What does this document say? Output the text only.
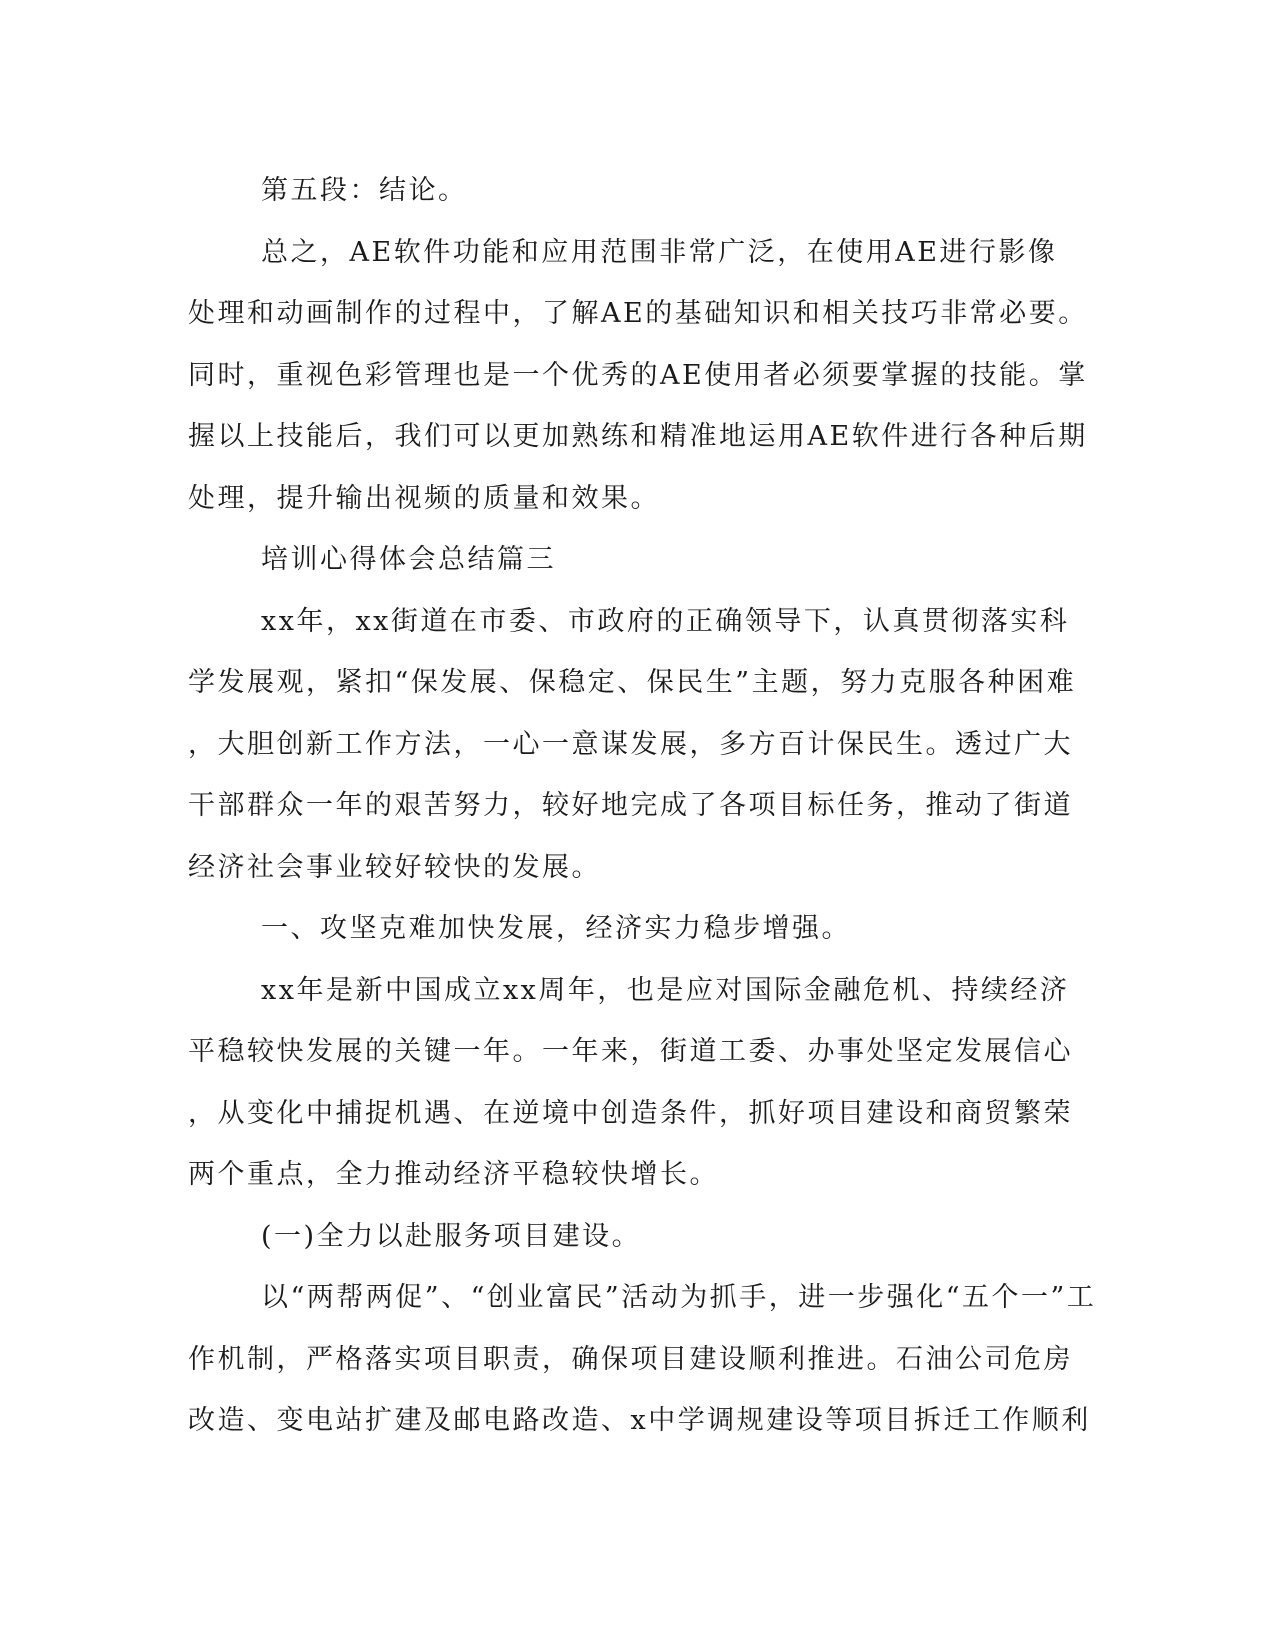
第五段：结论。
总之，AE软件功能和应用范围非常广泛，在使用AE进行影像
处理和动画制作的过程中，了解AE的基础知识和相关技巧非常必要。
同时，重视色彩管理也是一个优秀的AE使用者必须要掌握的技能。掌
握以上技能后，我们可以更加熟练和精准地运用AE软件进行各种后期
处理，提升输出视频的质量和效果。
培训心得体会总结篇三
xx年，xx街道在市委、市政府的正确领导下，认真贯彻落实科
学发展观，紧扣“保发展、保稳定、保民生”主题，努力克服各种困难
，大胆创新工作方法，一心一意谋发展，多方百计保民生。透过广大
干部群众一年的艰苦努力，较好地完成了各项目标任务，推动了街道
经济社会事业较好较快的发展。
一、攻坚克难加快发展，经济实力稳步增强。
xx年是新中国成立xx周年，也是应对国际金融危机、持续经济
平稳较快发展的关键一年。一年来，街道工委、办事处坚定发展信心
，从变化中捕捉机遇、在逆境中创造条件，抓好项目建设和商贸繁荣
两个重点，全力推动经济平稳较快增长。
(一)全力以赴服务项目建设。
以“两帮两促”、“创业富民”活动为抓手，进一步强化“五个一”工
作机制，严格落实项目职责，确保项目建设顺利推进。石油公司危房
改造、变电站扩建及邮电路改造、x中学调规建设等项目拆迁工作顺利
